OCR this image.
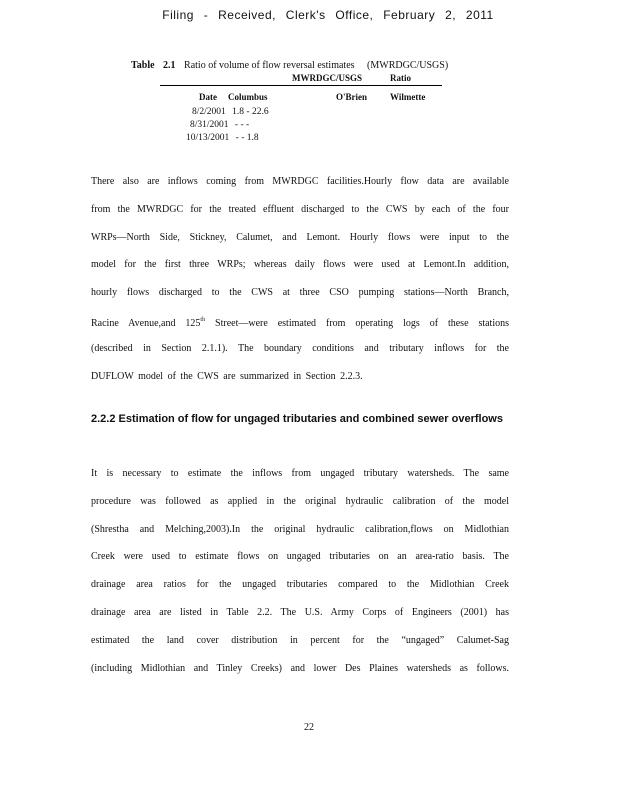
Filing - Received, Clerk's Office, February 2, 2011
Table 2.1 Ratio of volume of flow reversal estimates (MWRDGC/USGS)
MWRDGC/USGS	Ratio
Date Columbus	O'Brien	Wilmette
8/2/2001 1.8 - 22.6
8/31/2001 - - -
10/13/2001 - - 1.8
There also are inflows coming from MWRDGC facilities.Hourly flow data are available
from the MWRDGC for the treated effluent discharged to the CWS by each of the four
WRPs—North Side, Stickney, Calumet, and Lemont. Hourly flows were input to the
model for the first three WRPs; whereas daily flows were used at Lemont.In addition,
hourly flows discharged to the CWS at three CSO pumping stations—North Branch,
Racine Avenue,and 125th Street—were estimated from operating logs of these stations
(described in Section 2.1.1). The boundary conditions and tributary inflows for the
DUFLOW model of the CWS are summarized in Section 2.2.3.
2.2.2 Estimation of flow for ungaged tributaries and combined sewer overflows
It is necessary to estimate the inflows from ungaged tributary watersheds. The same
procedure was followed as applied in the original hydraulic calibration of the model
(Shrestha and Melching,2003).In the original hydraulic calibration,flows on Midlothian
Creek were used to estimate flows on ungaged tributaries on an area-ratio basis. The
drainage area ratios for the ungaged tributaries compared to the Midlothian Creek
drainage area are listed in Table 2.2. The U.S. Army Corps of Engineers (2001) has
estimated the land cover distribution in percent for the “ungaged” Calumet-Sag
(including Midlothian and Tinley Creeks) and lower Des Plaines watersheds as follows.
22
